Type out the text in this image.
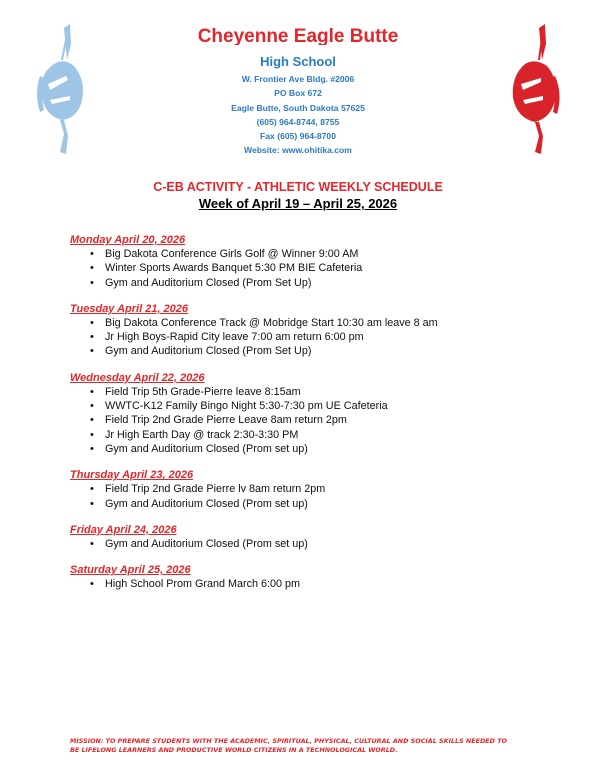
Cheyenne Eagle Butte
High School
W. Frontier Ave Bldg. #2006
PO Box 672
Eagle Butte, South Dakota 57625
(605) 964-8744, 8755
Fax (605) 964-8700
Website: www.ohitika.com
C-EB ACTIVITY - ATHLETIC WEEKLY SCHEDULE
Week of April 19 – April 25, 2026
Monday April 20, 2026
• Big Dakota Conference Girls Golf @ Winner 9:00 AM
• Winter Sports Awards Banquet 5:30 PM BIE Cafeteria
• Gym and Auditorium Closed (Prom Set Up)
Tuesday April 21, 2026
• Big Dakota Conference Track @ Mobridge Start 10:30 am leave 8 am
• Jr High Boys-Rapid City leave 7:00 am return 6:00 pm
• Gym and Auditorium Closed (Prom Set Up)
Wednesday April 22, 2026
• Field Trip 5th Grade-Pierre leave 8:15am
• WWTC-K12 Family Bingo Night 5:30-7:30 pm UE Cafeteria
• Field Trip 2nd Grade Pierre Leave 8am return 2pm
• Jr High Earth Day @ track 2:30-3:30 PM
• Gym and Auditorium Closed (Prom set up)
Thursday April 23, 2026
• Field Trip 2nd Grade Pierre lv 8am return 2pm
• Gym and Auditorium Closed (Prom set up)
Friday April 24, 2026
• Gym and Auditorium Closed (Prom set up)
Saturday April 25, 2026
• High School Prom Grand March 6:00 pm
MISSION: TO PREPARE STUDENTS WITH THE ACADEMIC, SPIRITUAL, PHYSICAL, CULTURAL AND SOCIAL SKILLS NEEDED TO BE LIFELONG LEARNERS AND PRODUCTIVE WORLD CITIZENS IN A TECHNOLOGICAL WORLD.
